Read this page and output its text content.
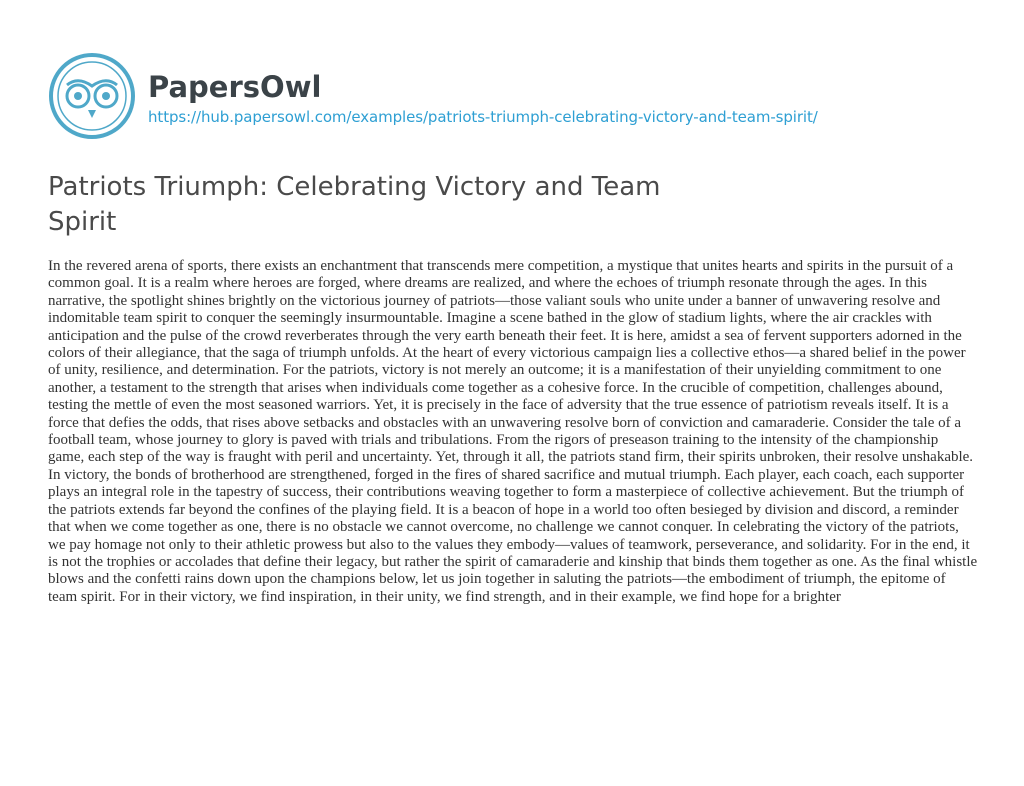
PapersOwl
https://hub.papersowl.com/examples/patriots-triumph-celebrating-victory-and-team-spirit/
Patriots Triumph: Celebrating Victory and Team Spirit

In the revered arena of sports, there exists an enchantment that transcends mere competition, a mystique that unites hearts and spirits in the pursuit of a common goal. It is a realm where heroes are forged, where dreams are realized, and where the echoes of triumph resonate through the ages. In this narrative, the spotlight shines brightly on the victorious journey of patriots—those valiant souls who unite under a banner of unwavering resolve and indomitable team spirit to conquer the seemingly insurmountable. Imagine a scene bathed in the glow of stadium lights, where the air crackles with anticipation and the pulse of the crowd reverberates through the very earth beneath their feet. It is here, amidst a sea of fervent supporters adorned in the colors of their allegiance, that the saga of triumph unfolds. At the heart of every victorious campaign lies a collective ethos—a shared belief in the power of unity, resilience, and determination. For the patriots, victory is not merely an outcome; it is a manifestation of their unyielding commitment to one another, a testament to the strength that arises when individuals come together as a cohesive force. In the crucible of competition, challenges abound, testing the mettle of even the most seasoned warriors. Yet, it is precisely in the face of adversity that the true essence of patriotism reveals itself. It is a force that defies the odds, that rises above setbacks and obstacles with an unwavering resolve born of conviction and camaraderie. Consider the tale of a football team, whose journey to glory is paved with trials and tribulations. From the rigors of preseason training to the intensity of the championship game, each step of the way is fraught with peril and uncertainty. Yet, through it all, the patriots stand firm, their spirits unbroken, their resolve unshakable. In victory, the bonds of brotherhood are strengthened, forged in the fires of shared sacrifice and mutual triumph. Each player, each coach, each supporter plays an integral role in the tapestry of success, their contributions weaving together to form a masterpiece of collective achievement. But the triumph of the patriots extends far beyond the confines of the playing field. It is a beacon of hope in a world too often besieged by division and discord, a reminder that when we come together as one, there is no obstacle we cannot overcome, no challenge we cannot conquer. In celebrating the victory of the patriots, we pay homage not only to their athletic prowess but also to the values they embody—values of teamwork, perseverance, and solidarity. For in the end, it is not the trophies or accolades that define their legacy, but rather the spirit of camaraderie and kinship that binds them together as one. As the final whistle blows and the confetti rains down upon the champions below, let us join together in saluting the patriots—the embodiment of triumph, the epitome of team spirit. For in their victory, we find inspiration, in their unity, we find strength, and in their example, we find hope for a brighter
